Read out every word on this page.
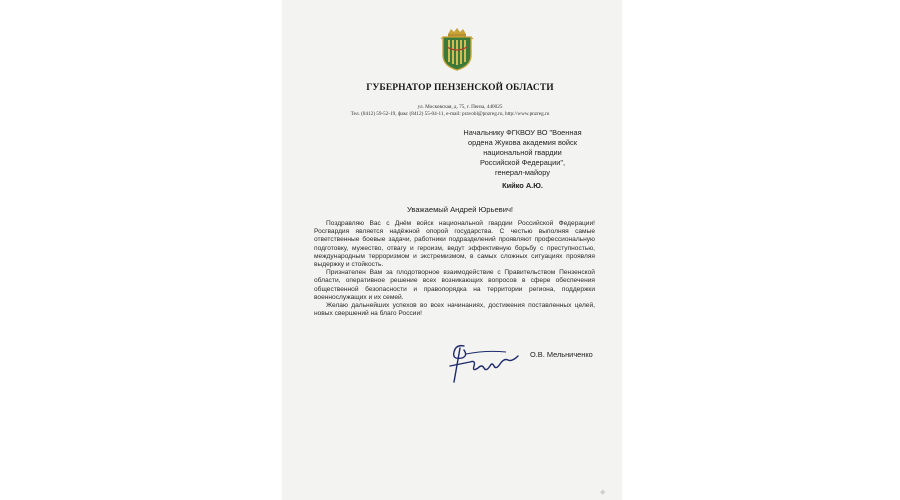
ГУБЕРНАТОР ПЕНЗЕНСКОЙ ОБЛАСТИ
ул. Московская, д. 75, г. Пенза, 440025
Тел. (8412) 59-52-19, факс (8412) 55-04-11, e-mail: pravobl@pnzreg.ru, http://www.pnzreg.ru
Начальнику ФГКВОУ ВО "Военная
ордена Жукова академия войск
национальной гвардии
Российской Федерации",
генерал-майору
Кийко А.Ю.
Уважаемый Андрей Юрьевич!

Поздравляю Вас с Днём войск национальной гвардии Российской Федерации! Росгвардия является надёжной опорой государства. С честью выполняя самые ответственные боевые задачи, работники подразделений проявляют профессиональную подготовку, мужество, отвагу и героизм, ведут эффективную борьбу с преступностью, международным терроризмом и экстремизмом, в самых сложных ситуациях проявляя выдержку и стойкость.

Признателен Вам за плодотворное взаимодействие с Правительством Пензенской области, оперативное решение всех возникающих вопросов в сфере обеспечения общественной безопасности и правопорядка на территории региона, поддержки военнослужащих и их семей.

Желаю дальнейших успехов во всех начинаниях, достижения поставленных целей, новых свершений на благо России!

О.В. Мельниченко
◆
